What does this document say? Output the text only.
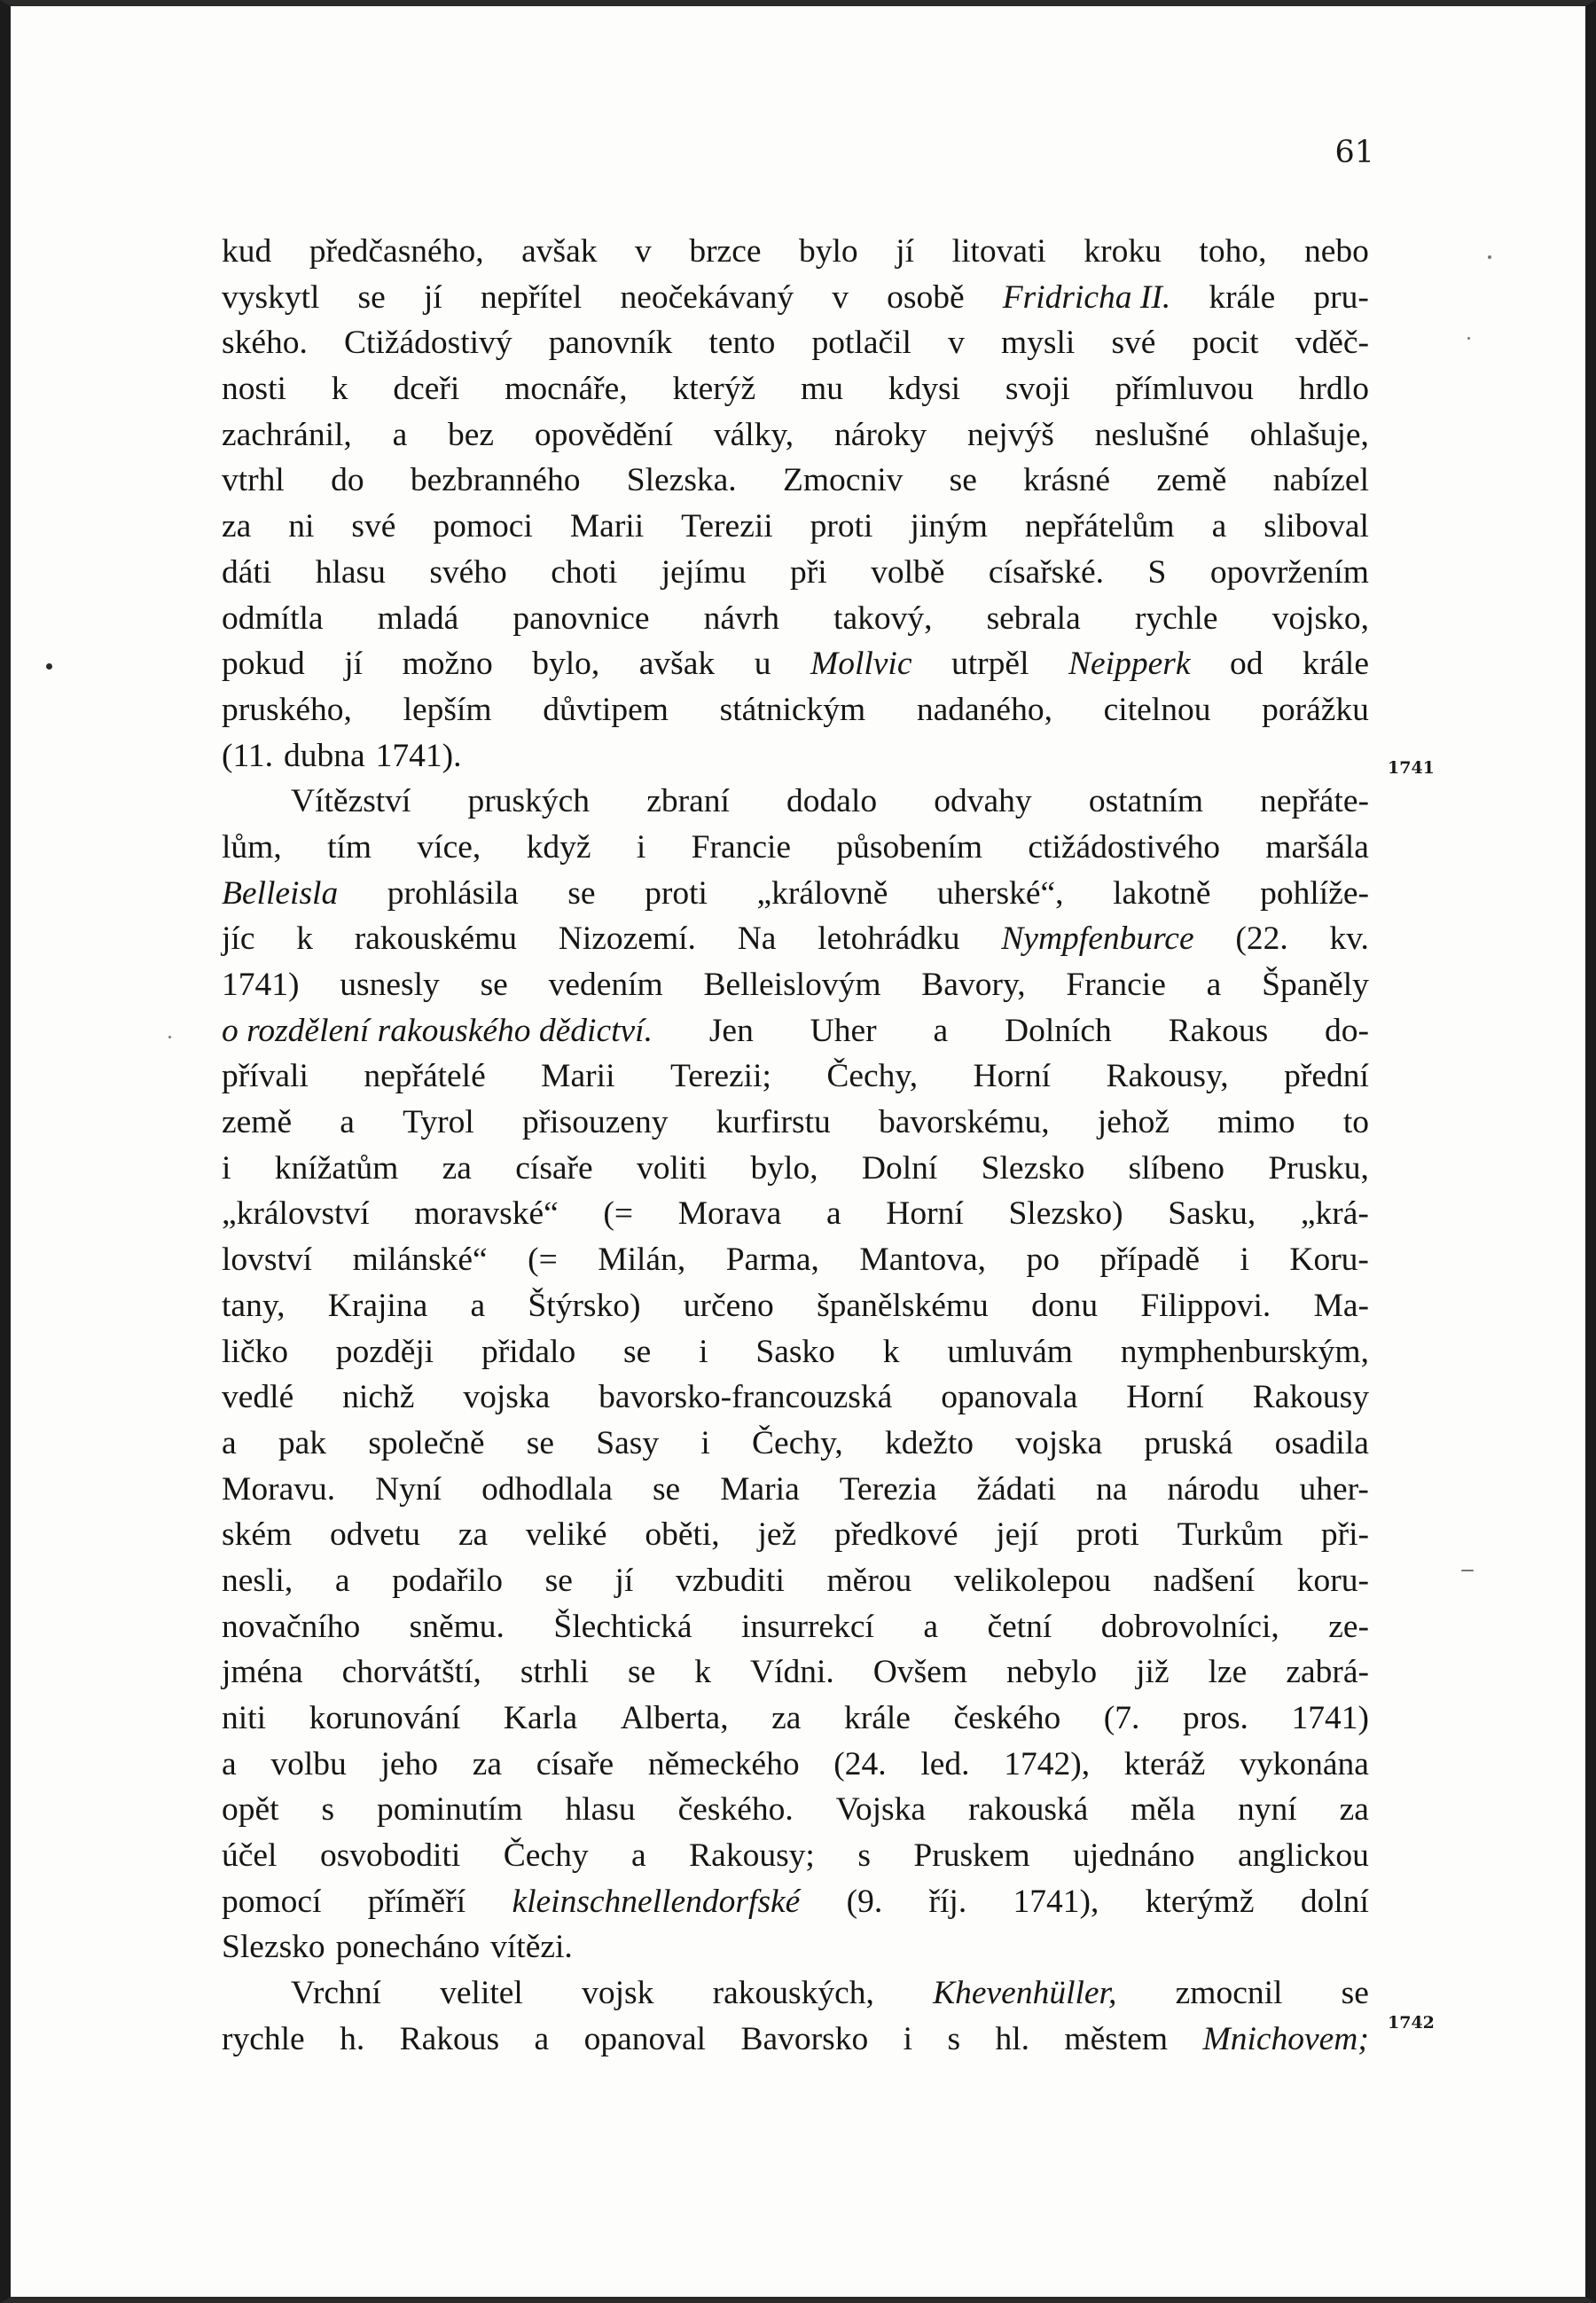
61
kud předčasného, avšak v brzce bylo jí litovati kroku toho, nebo
vyskytl se jí nepřítel neočekávaný v osobě Fridricha II. krále pru-
ského. Ctižádostivý panovník tento potlačil v mysli své pocit vděč-
nosti k dceři mocnáře, kterýž mu kdysi svoji přímluvou hrdlo
zachránil, a bez opovědění války, nároky nejvýš neslušné ohlašuje,
vtrhl do bezbranného Slezska. Zmocniv se krásné země nabízel
za ni své pomoci Marii Terezii proti jiným nepřátelům a sliboval
dáti hlasu svého choti jejímu při volbě císařské. S opovržením
odmítla mladá panovnice návrh takový, sebrala rychle vojsko,
pokud jí možno bylo, avšak u Mollvic utrpěl Neipperk od krále
pruského, lepším důvtipem státnickým nadaného, citelnou porážku
(11. dubna 1741).
Vítězství pruských zbraní dodalo odvahy ostatním nepřáte-
lům, tím více, když i Francie působením ctižádostivého maršála
Belleisla prohlásila se proti „královně uherské“, lakotně pohlíže-
jíc k rakouskému Nizozemí. Na letohrádku Nympfenburce (22. kv.
1741) usnesly se vedením Belleislovým Bavory, Francie a Španěly
o rozdělení rakouského dědictví. Jen Uher a Dolních Rakous do-
přívali nepřátelé Marii Terezii; Čechy, Horní Rakousy, přední
země a Tyrol přisouzeny kurfirstu bavorskému, jehož mimo to
i knížatům za císaře voliti bylo, Dolní Slezsko slíbeno Prusku,
„království moravské“ (= Morava a Horní Slezsko) Sasku, „krá-
lovství milánské“ (= Milán, Parma, Mantova, po případě i Koru-
tany, Krajina a Štýrsko) určeno španělskému donu Filippovi. Ma-
ličko později přidalo se i Sasko k umluvám nymphenburským,
vedlé nichž vojska bavorsko-francouzská opanovala Horní Rakousy
a pak společně se Sasy i Čechy, kdežto vojska pruská osadila
Moravu. Nyní odhodlala se Maria Terezia žádati na národu uher-
ském odvetu za veliké oběti, jež předkové její proti Turkům při-
nesli, a podařilo se jí vzbuditi měrou velikolepou nadšení koru-
novačního sněmu. Šlechtická insurrekcí a četní dobrovolníci, ze-
jména chorvátští, strhli se k Vídni. Ovšem nebylo již lze zabrá-
niti korunování Karla Alberta, za krále českého (7. pros. 1741)
a volbu jeho za císaře německého (24. led. 1742), kteráž vykonána
opět s pominutím hlasu českého. Vojska rakouská měla nyní za
účel osvoboditi Čechy a Rakousy; s Pruskem ujednáno anglickou
pomocí příměří kleinschnellendorfské (9. říj. 1741), kterýmž dolní
Slezsko ponecháno vítězi.
Vrchní velitel vojsk rakouských, Khevenhüller, zmocnil se
rychle h. Rakous a opanoval Bavorsko i s hl. městem Mnichovem;
1741
1742
